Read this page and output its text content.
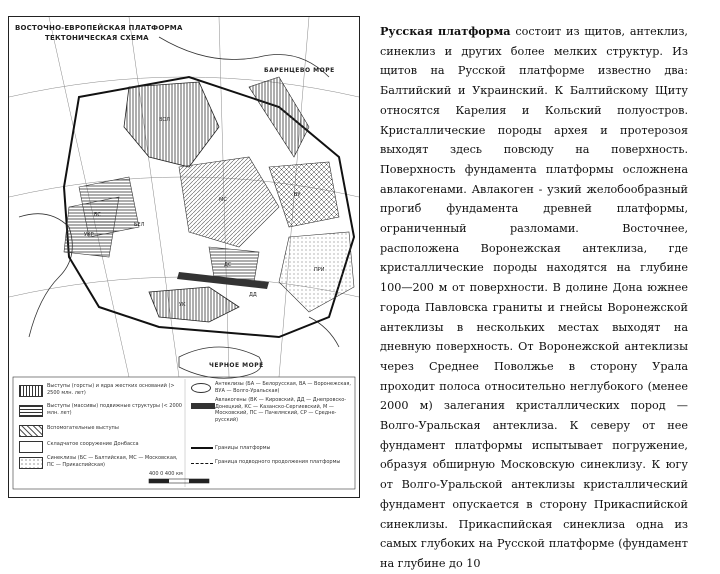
ВОСТОЧНО-ЕВРОПЕЙСКАЯ ПЛАТФОРМА
ТЕКТОНИЧЕСКАЯ СХЕМА
БАРЕНЦЕВО МОРЕ
ЧЕРНОЕ МОРЕ
ВОЛ
БС
МС
ВУ
ПРИ
ДС
ДД
УК
БЕЛ
УКР
Выступы (горсты) и ядра жестких оснований (> 2500 млн. лет)
Выступы (массивы) подвижные структуры (< 2000 млн. лет)
Вспомогательные выступы
Складчатое сооружение Донбасса
Синеклизы (БС — Балтийская, МС — Московская, ПС — Прикаспийская)
Антеклизы (БА — Белорусская, ВА — Воронежская, ВУА — Волго-Уральская)
Авлакогены (ВК — Кировский, ДД — Днепровско-Донецкий, КС — Казанско-Сергиевский, М — Московский, ПС — Пачелмский, СР — Средне-русский)
Границы платформы
Граница подводного продолжения платформы
400 0 400 км
Русская платформа состоит из щитов, антеклиз, синеклиз и других более мелких структур. Из щитов на Русской платформе известно два: Балтийский и Украинский. К Балтийскому Щиту относятся Карелия и Кольский полуостров. Кристаллические породы архея и протерозоя выходят здесь повсюду на поверхность. Поверхность фундамента платформы осложнена авлакогенами. Авлакоген - узкий желобообразный прогиб фундамента древней платформы, ограниченный разломами. Восточнее, расположена Воронежская антеклиза, где кристаллические породы находятся на глубине 100—200 м от поверхности. В долине Дона южнее города Павловска граниты и гнейсы Воронежской антеклизы в нескольких местах выходят на дневную поверхность. От Воронежской антеклизы через Среднее Поволжье в сторону Урала проходит полоса относительно неглубокого (менее 2000 м) залегания кристаллических пород — Волго-Уральская антеклиза. К северу от нее фундамент платформы испытывает погружение, образуя обширную Московскую синеклизу. К югу от Волго-Уральской антеклизы кристаллический фундамент опускается в сторону Прикаспийской синеклизы. Прикаспийская синеклиза одна из самых глубоких на Русской платформе (фундамент на глубине до 10
